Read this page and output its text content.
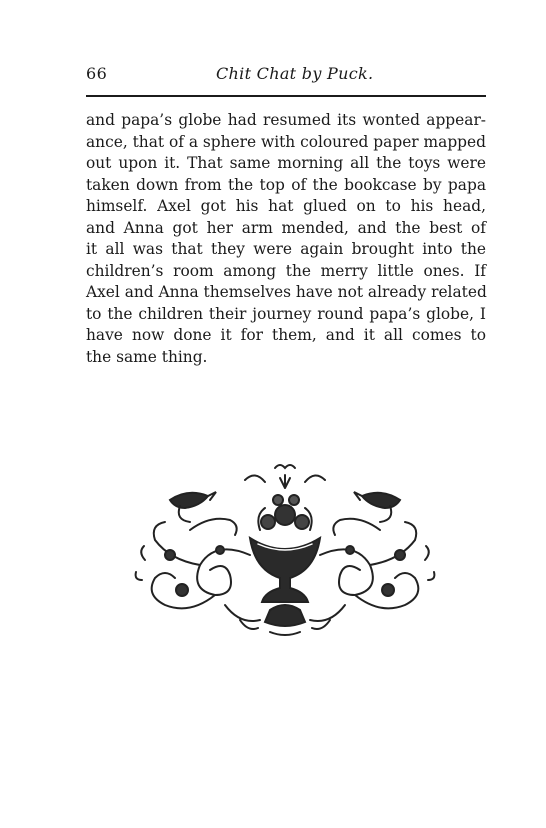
66	Chit Chat by Puck.
and papa’s globe had resumed its wonted appear-
ance, that of a sphere with coloured paper mapped
out upon it. That same morning all the toys were
taken down from the top of the bookcase by papa
himself. Axel got his hat glued on to his head,
and Anna got her arm mended, and the best of
it all was that they were again brought into the
children’s room among the merry little ones. If
Axel and Anna themselves have not already related
to the children their journey round papa’s globe, I
have now done it for them, and it all comes to
the same thing.
